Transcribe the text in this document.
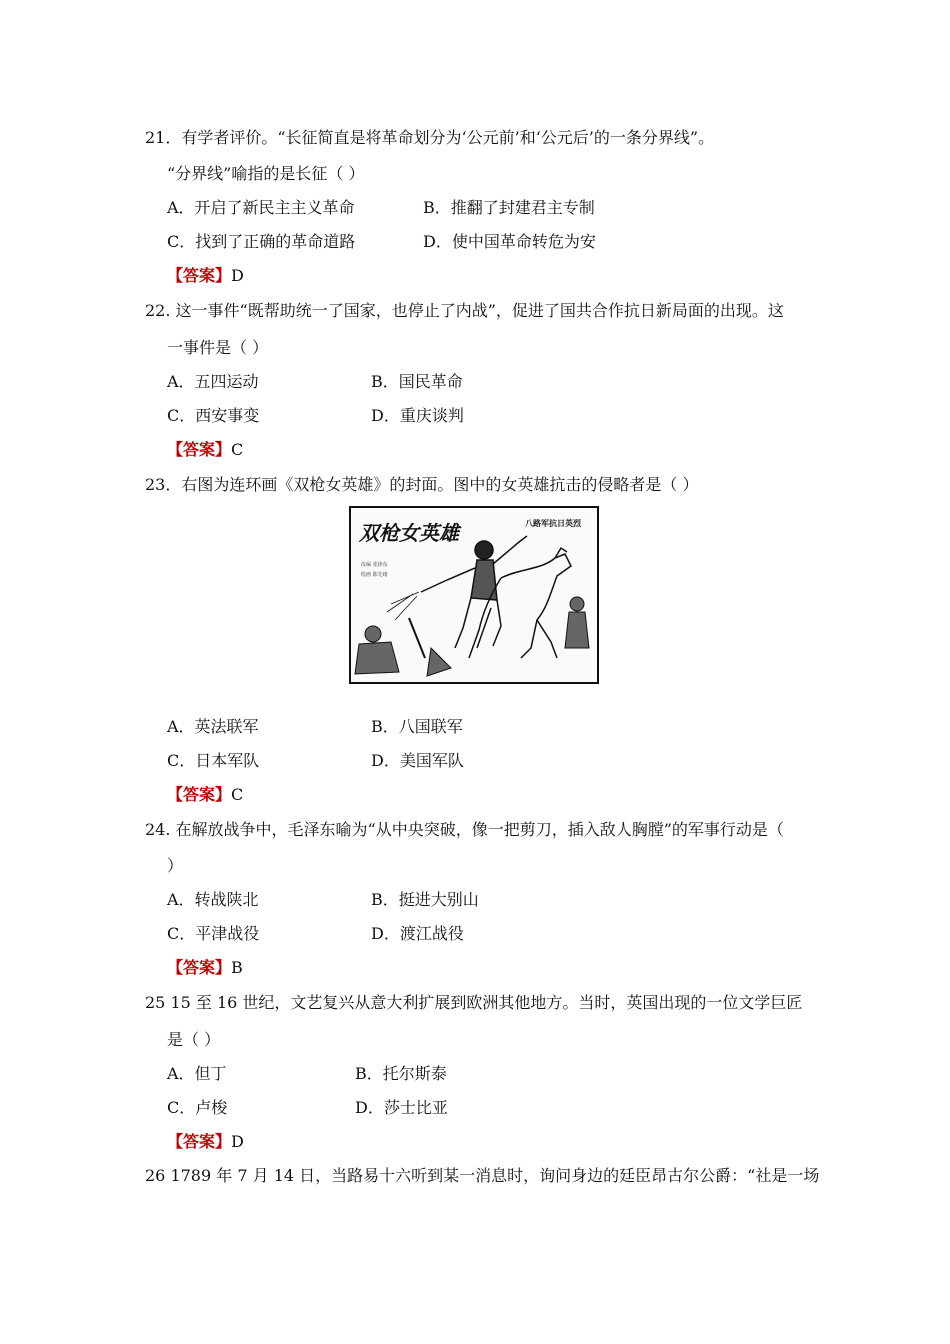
21．有学者评价。“长征简直是将革命划分为‘公元前’和‘公元后’的一条分界线”。
“分界线”喻指的是长征（ ）
A．开启了新民主主义革命	B．推翻了封建君主专制
C．找到了正确的革命道路	D．使中国革命转危为安
【答案】D
22. 这一事件“既帮助统一了国家，也停止了内战”，促进了国共合作抗日新局面的出现。这
一事件是（ ）
A．五四运动	B．国民革命
C．西安事变	D．重庆谈判
【答案】C
23．右图为连环画《双枪女英雄》的封面。图中的女英雄抗击的侵略者是（ ）
双枪女英雄	八路军抗日英烈
改编 张择东
绘画 陈先绪
A．英法联军	B．八国联军
C．日本军队	D．美国军队
【答案】C
24. 在解放战争中，毛泽东喻为“从中央突破，像一把剪刀，插入敌人胸膛”的军事行动是（
）
A．转战陕北	B．挺进大别山
C．平津战役	D．渡江战役
【答案】B
25 15 至 16 世纪，文艺复兴从意大利扩展到欧洲其他地方。当时，英国出现的一位文学巨匠
是（ ）
A．但丁	B．托尔斯泰
C．卢梭	D．莎士比亚
【答案】D
26 1789 年 7 月 14 日，当路易十六听到某一消息时，询问身边的廷臣昂古尔公爵：“社是一场
